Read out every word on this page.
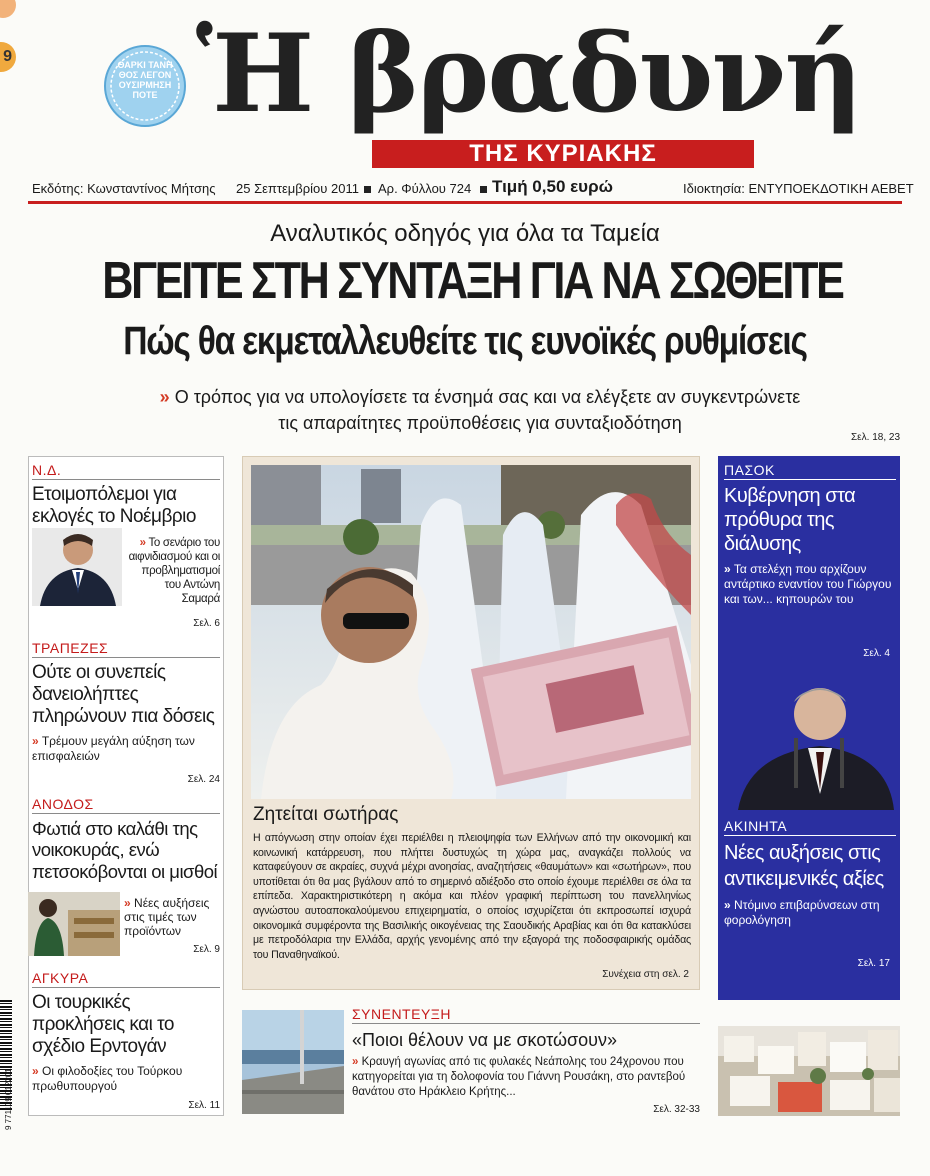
9	ΘΑΡΚΙ ΤΑΝΗΘΟΣ ΛΕΓΟΝ ΟΥΣΙΡΜΗΣΗ ΠΟΤΕ Ἡ βραδυνή
ΤΗΣ ΚΥΡΙΑΚΗΣ
Εκδότης: Κωνσταντίνος Μήτσης 25 Σεπτεμβρίου 2011 Αρ. Φύλλου 724 Τιμή 0,50 ευρώ	Ιδιοκτησία: ΕΝΤΥΠΟΕΚΔΟΤΙΚΗ ΑΕΒΕΤ
Αναλυτικός οδηγός για όλα τα Ταμεία
ΒΓΕΙΤΕ ΣΤΗ ΣΥΝΤΑΞΗ ΓΙΑ ΝΑ ΣΩΘΕΙΤΕ
Πώς θα εκμεταλλευθείτε τις ευνοϊκές ρυθμίσεις
» Ο τρόπος για να υπολογίσετε τα ένσημά σας και να ελέγξετε αν συγκεντρώνετε
τις απαραίτητες προϋποθέσεις για συνταξιοδότηση
Σελ. 18, 23
Ν.Δ.
Ετοιμοπόλεμοι για εκλογές το Νοέμβριο
» Το σενάριο του αιφνιδιασμού και οι προβληματισμοί του Αντώνη Σαμαρά
Σελ. 6
ΤΡΑΠΕΖΕΣ
Ούτε οι συνεπείς δανειολήπτες πληρώνουν πια δόσεις
» Τρέμουν μεγάλη αύξηση των επισφαλειών
Σελ. 24
ΑΝΟΔΟΣ
Φωτιά στο καλάθι της νοικοκυράς, ενώ πετσοκόβονται οι μισθοί
» Νέες αυξήσεις στις τιμές των προϊόντων
Σελ. 9
ΑΓΚΥΡΑ
Οι τουρκικές προκλήσεις και το σχέδιο Ερντογάν
» Οι φιλοδοξίες του Τούρκου πρωθυπουργού
Σελ. 11
Ζητείται σωτήρας
Η απόγνωση στην οποίαν έχει περιέλθει η πλειοψηφία των Ελλήνων από την οικονομική και κοινωνική κατάρρευση, που πλήττει δυστυχώς τη χώρα μας, αναγκάζει πολλούς να καταφεύγουν σε ακραίες, συχνά μέχρι ανοησίας, αναζητήσεις «θαυμάτων» και «σωτήρων», που υποτίθεται ότι θα μας βγάλουν από το σημερινό αδιέξοδο στο οποίο έχουμε περιέλθει σε όλα τα επίπεδα. Χαρακτηριστικότερη η ακόμα και πλέον γραφική περίπτωση του πανελληνίως αγνώστου αυτοαποκαλούμενου επιχειρηματία, ο οποίος ισχυρίζεται ότι εκπροσωπεί ισχυρά οικονομικά συμφέροντα της Βασιλικής οικογένειας της Σαουδικής Αραβίας και ότι θα κατακλύσει με πετροδόλαρια την Ελλάδα, αρχής γενομένης από την εξαγορά της ποδοσφαιρικής ομάδας του Παναθηναϊκού.
Συνέχεια στη σελ. 2
ΣΥΝΕΝΤΕΥΞΗ
«Ποιοι θέλουν να με σκοτώσουν»
» Κραυγή αγωνίας από τις φυλακές Νεάπολης του 24χρονου που κατηγορείται για τη δολοφονία του Γιάννη Ρουσάκη, στο ραντεβού θανάτου στο Ηράκλειο Κρήτης...
Σελ. 32-33
ΠΑΣΟΚ
Κυβέρνηση στα πρόθυρα της διάλυσης
» Τα στελέχη που αρχίζουν αντάρτικο εναντίον του Γιώργου και των... κηπουρών του
Σελ. 4
ΑΚΙΝΗΤΑ
Νέες αυξήσεις στις αντικειμενικές αξίες
» Ντόμινο επιβαρύνσεων στη φορολόγηση
Σελ. 17
9 771109 012201
